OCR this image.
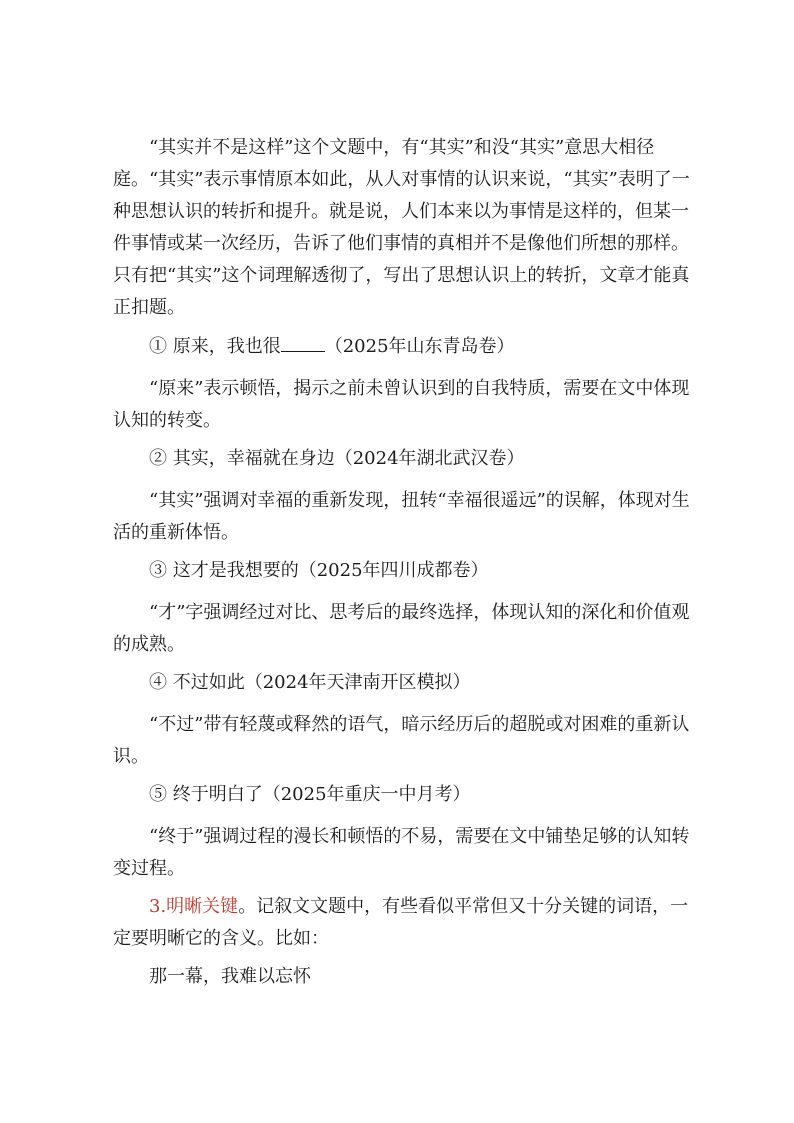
“其实并不是这样”这个文题中，有“其实”和没“其实”意思大相径庭。“其实”表示事情原本如此，从人对事情的认识来说，“其实”表明了一种思想认识的转折和提升。就是说，人们本来以为事情是这样的，但某一件事情或某一次经历，告诉了他们事情的真相并不是像他们所想的那样。只有把“其实”这个词理解透彻了，写出了思想认识上的转折，文章才能真正扣题。

① 原来，我也很 （2025年山东青岛卷）

“原来”表示顿悟，揭示之前未曾认识到的自我特质，需要在文中体现认知的转变。

② 其实，幸福就在身边（2024年湖北武汉卷）

“其实”强调对幸福的重新发现，扭转“幸福很遥远”的误解，体现对生活的重新体悟。

③ 这才是我想要的（2025年四川成都卷）

“才”字强调经过对比、思考后的最终选择，体现认知的深化和价值观的成熟。

④ 不过如此（2024年天津南开区模拟）

“不过”带有轻蔑或释然的语气，暗示经历后的超脱或对困难的重新认识。

⑤ 终于明白了（2025年重庆一中月考）

“终于”强调过程的漫长和顿悟的不易，需要在文中铺垫足够的认知转变过程。

3.明晰关键。记叙文文题中，有些看似平常但又十分关键的词语，一定要明晰它的含义。比如：

那一幕，我难以忘怀
